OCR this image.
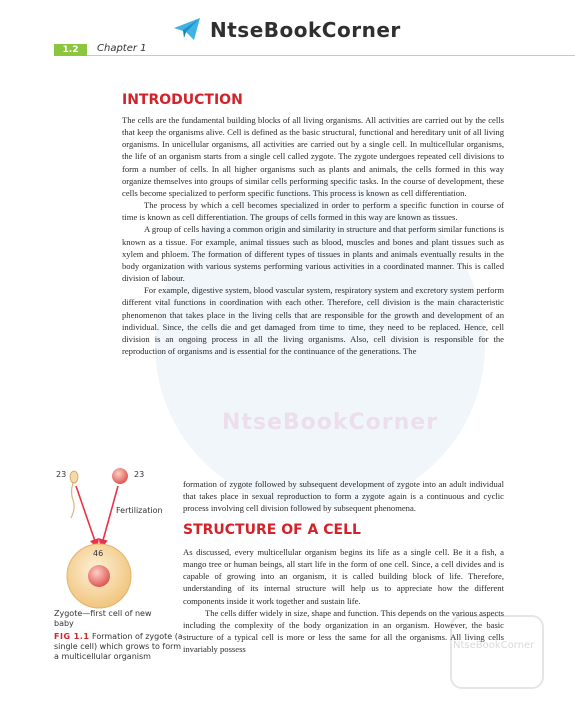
NtseBookCorner
1.2	Chapter 1
NtseBookCorner
NtseBookCorner
INTRODUCTION

The cells are the fundamental building blocks of all living organisms. All activities are carried out by the cells that keep the organisms alive. Cell is defined as the basic structural, functional and hereditary unit of all living organisms. In unicellular organisms, all activities are carried out by a single cell. In multicellular organisms, the life of an organism starts from a single cell called zygote. The zygote undergoes repeated cell divisions to form a number of cells. In all higher organisms such as plants and animals, the cells formed in this way organize themselves into groups of similar cells performing specific tasks. In the course of development, these cells become specialized to perform specific functions. This process is known as cell differentiation.

The process by which a cell becomes specialized in order to perform a specific function in course of time is known as cell differentiation. The groups of cells formed in this way are known as tissues.

A group of cells having a common origin and similarity in structure and that perform similar functions is known as a tissue. For example, animal tissues such as blood, muscles and bones and plant tissues such as xylem and phloem. The formation of different types of tissues in plants and animals eventually results in the body organization with various systems performing various activities in a coordinated manner. This is called division of labour.

For example, digestive system, blood vascular system, respiratory system and excretory system perform different vital functions in coordination with each other. Therefore, cell division is the main characteristic phenomenon that takes place in the living cells that are responsible for the growth and development of an individual. Since, the cells die and get damaged from time to time, they need to be replaced. Hence, cell division is an ongoing process in all the living organisms. Also, cell division is responsible for the reproduction of organisms and is essential for the continuance of the generations. The

formation of zygote followed by subsequent development of zygote into an adult individual that takes place in sexual reproduction to form a zygote again is a continuous and cyclic process involving cell division followed by subsequent phenomena.

STRUCTURE OF A CELL

As discussed, every multicellular organism begins its life as a single cell. Be it a fish, a mango tree or human beings, all start life in the form of one cell. Since, a cell divides and is capable of growing into an organism, it is called building block of life. Therefore, understanding of its internal structure will help us to appreciate how the different components inside it work together and sustain life.

The cells differ widely in size, shape and function. This depends on the various aspects including the complexity of the body organization in an organism. However, the basic structure of a typical cell is more or less the same for all the organisms. All living cells invariably possess

23	23
Fertilization
46
Zygote—first cell of new baby
FIG 1.1 Formation of zygote (a single cell) which grows to form a multicellular organism
